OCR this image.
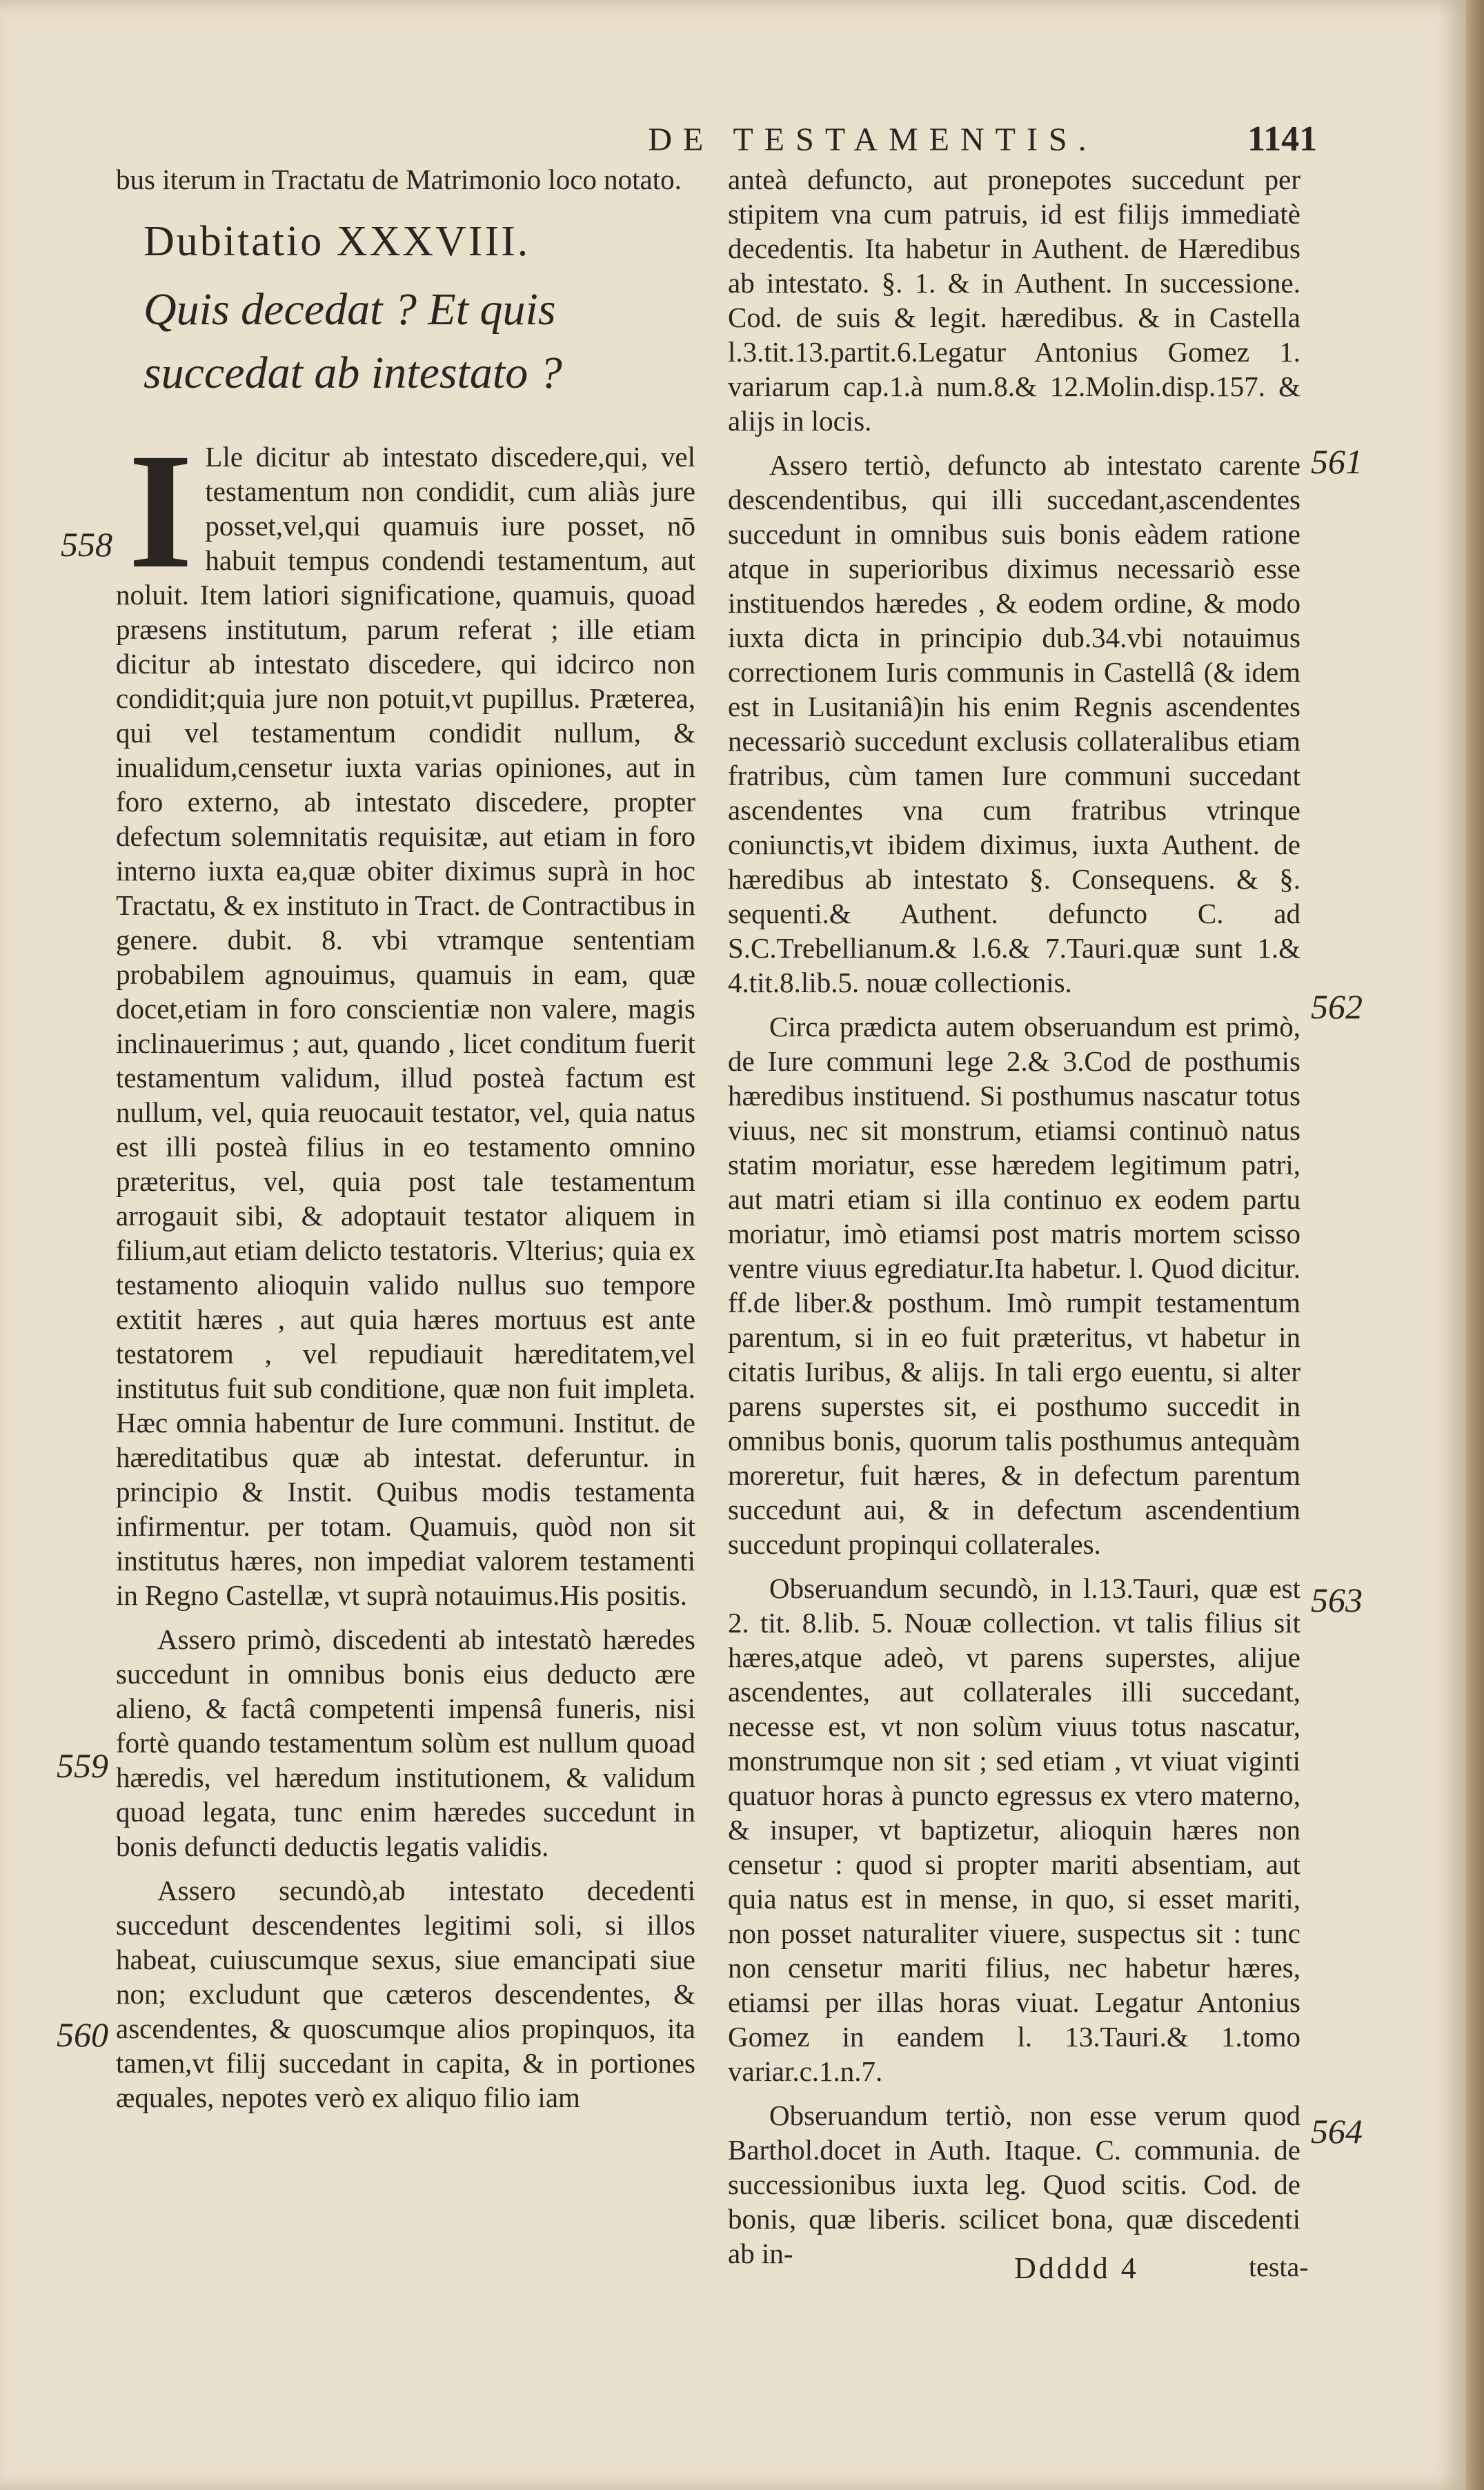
DE TESTAMENTIS.	1141

bus iterum in Tractatu de Matrimonio loco notato.

Dubitatio XXXVIII.
Quis decedat ? Et quis succedat ab intestato ?

I Lle dicitur ab intestato discedere,qui, vel testamentum non condidit, cum aliàs jure posset,vel,qui quamuis iure posset, nō habuit tempus condendi testamentum, aut noluit. Item latiori significatione, quamuis, quoad præsens institutum, parum referat ; ille etiam dicitur ab intestato discedere, qui idcirco non condidit;quia jure non potuit,vt pupillus. Præterea, qui vel testamentum condidit nullum, & inualidum,censetur iuxta varias opiniones, aut in foro externo, ab intestato discedere, propter defectum solemnitatis requisitæ, aut etiam in foro interno iuxta ea,quæ obiter diximus suprà in hoc Tractatu, & ex instituto in Tract. de Contractibus in genere. dubit. 8. vbi vtramque sententiam probabilem agnouimus, quamuis in eam, quæ docet,etiam in foro conscientiæ non valere, magis inclinauerimus ; aut, quando , licet conditum fuerit testamentum validum, illud posteà factum est nullum, vel, quia reuocauit testator, vel, quia natus est illi posteà filius in eo testamento omnino præteritus, vel, quia post tale testamentum arrogauit sibi, & adoptauit testator aliquem in filium,aut etiam delicto testatoris. Vlterius; quia ex testamento alioquin valido nullus suo tempore extitit hæres , aut quia hæres mortuus est ante testatorem , vel repudiauit hæreditatem,vel institutus fuit sub conditione, quæ non fuit impleta. Hæc omnia habentur de Iure communi. Institut. de hæreditatibus quæ ab intestat. deferuntur. in principio & Instit. Quibus modis testamenta infirmentur. per totam. Quamuis, quòd non sit institutus hæres, non impediat valorem testamenti in Regno Castellæ, vt suprà notauimus.His positis.

Assero primò, discedenti ab intestatò hæredes succedunt in omnibus bonis eius deducto ære alieno, & factâ competenti impensâ funeris, nisi fortè quando testamentum solùm est nullum quoad hæredis, vel hæredum institutionem, & validum quoad legata, tunc enim hæredes succedunt in bonis defuncti deductis legatis validis.

Assero secundò,ab intestato decedenti succedunt descendentes legitimi soli, si illos habeat, cuiuscumque sexus, siue emancipati siue non; excludunt que cæteros descendentes, & ascendentes, & quoscumque alios propinquos, ita tamen,vt filij succedant in capita, & in portiones æquales, nepotes verò ex aliquo filio iam

anteà defuncto, aut pronepotes succedunt per stipitem vna cum patruis, id est filijs immediatè decedentis. Ita habetur in Authent. de Hæredibus ab intestato. §. 1. & in Authent. In successione. Cod. de suis & legit. hæredibus. & in Castella l.3.tit.13.partit.6.Legatur Antonius Gomez 1. variarum cap.1.à num.8.& 12.Molin.disp.157. & alijs in locis.

Assero tertiò, defuncto ab intestato carente descendentibus, qui illi succedant,ascendentes succedunt in omnibus suis bonis eàdem ratione atque in superioribus diximus necessariò esse instituendos hæredes , & eodem ordine, & modo iuxta dicta in principio dub.34.vbi notauimus correctionem Iuris communis in Castellâ (& idem est in Lusitaniâ)in his enim Regnis ascendentes necessariò succedunt exclusis collateralibus etiam fratribus, cùm tamen Iure communi succedant ascendentes vna cum fratribus vtrinque coniunctis,vt ibidem diximus, iuxta Authent. de hæredibus ab intestato §. Consequens. & §. sequenti.& Authent. defuncto C. ad S.C.Trebellianum.& l.6.& 7.Tauri.quæ sunt 1.& 4.tit.8.lib.5. nouæ collectionis.

Circa prædicta autem obseruandum est primò, de Iure communi lege 2.& 3.Cod de posthumis hæredibus instituend. Si posthumus nascatur totus viuus, nec sit monstrum, etiamsi continuò natus statim moriatur, esse hæredem legitimum patri, aut matri etiam si illa continuo ex eodem partu moriatur, imò etiamsi post matris mortem scisso ventre viuus egrediatur.Ita habetur. l. Quod dicitur. ff.de liber.& posthum. Imò rumpit testamentum parentum, si in eo fuit præteritus, vt habetur in citatis Iuribus, & alijs. In tali ergo euentu, si alter parens superstes sit, ei posthumo succedit in omnibus bonis, quorum talis posthumus antequàm moreretur, fuit hæres, & in defectum parentum succedunt aui, & in defectum ascendentium succedunt propinqui collaterales.

Obseruandum secundò, in l.13.Tauri, quæ est 2. tit. 8.lib. 5. Nouæ collection. vt talis filius sit hæres,atque adeò, vt parens superstes, alijue ascendentes, aut collaterales illi succedant, necesse est, vt non solùm viuus totus nascatur, monstrumque non sit ; sed etiam , vt viuat viginti quatuor horas à puncto egressus ex vtero materno, & insuper, vt baptizetur, alioquin hæres non censetur : quod si propter mariti absentiam, aut quia natus est in mense, in quo, si esset mariti, non posset naturaliter viuere, suspectus sit : tunc non censetur mariti filius, nec habetur hæres, etiamsi per illas horas viuat. Legatur Antonius Gomez in eandem l. 13.Tauri.& 1.tomo variar.c.1.n.7.

Obseruandum tertiò, non esse verum quod Barthol.docet in Auth. Itaque. C. communia. de successionibus iuxta leg. Quod scitis. Cod. de bonis, quæ liberis. scilicet bona, quæ discedenti ab in-

558
559
560
561
562
563
564
Ddddd 4	testa-
